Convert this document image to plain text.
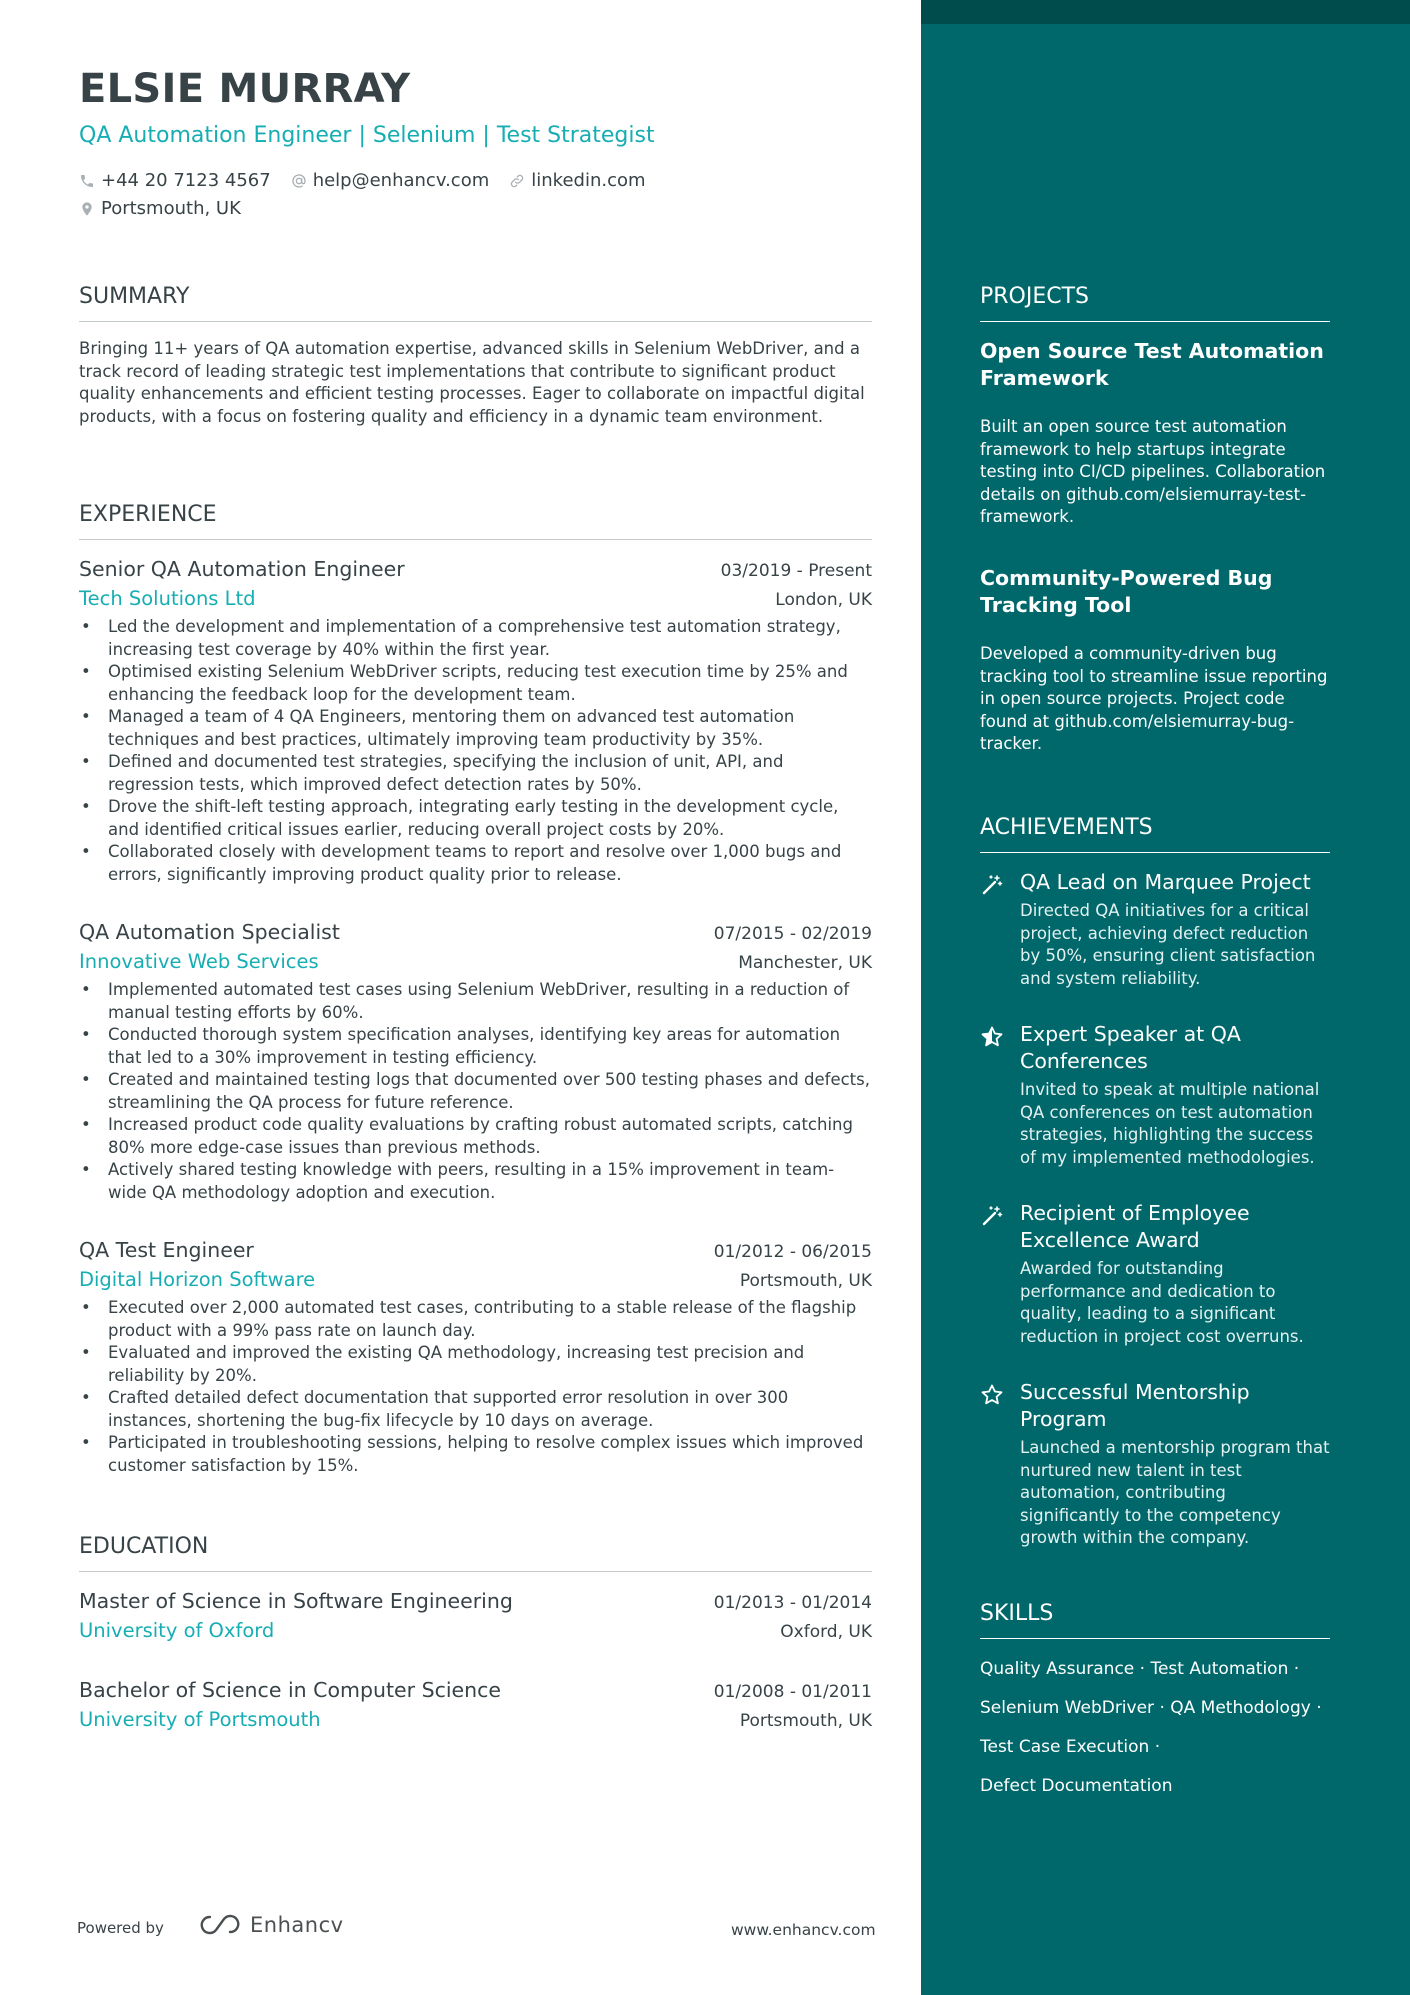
ELSIE MURRAY
QA Automation Engineer | Selenium | Test Strategist
+44 20 7123 4567 help@enhancv.com linkedin.com
Portsmouth, UK
SUMMARY
Bringing 11+ years of QA automation expertise, advanced skills in Selenium WebDriver, and a track record of leading strategic test implementations that contribute to significant product quality enhancements and efficient testing processes. Eager to collaborate on impactful digital products, with a focus on fostering quality and efficiency in a dynamic team environment.
EXPERIENCE
Senior QA Automation Engineer	03/2019 - Present
Tech Solutions Ltd	London, UK
• Led the development and implementation of a comprehensive test automation strategy, increasing test coverage by 40% within the first year.
• Optimised existing Selenium WebDriver scripts, reducing test execution time by 25% and enhancing the feedback loop for the development team.
• Managed a team of 4 QA Engineers, mentoring them on advanced test automation techniques and best practices, ultimately improving team productivity by 35%.
• Defined and documented test strategies, specifying the inclusion of unit, API, and regression tests, which improved defect detection rates by 50%.
• Drove the shift-left testing approach, integrating early testing in the development cycle, and identified critical issues earlier, reducing overall project costs by 20%.
• Collaborated closely with development teams to report and resolve over 1,000 bugs and errors, significantly improving product quality prior to release.
QA Automation Specialist	07/2015 - 02/2019
Innovative Web Services	Manchester, UK
• Implemented automated test cases using Selenium WebDriver, resulting in a reduction of manual testing efforts by 60%.
• Conducted thorough system specification analyses, identifying key areas for automation that led to a 30% improvement in testing efficiency.
• Created and maintained testing logs that documented over 500 testing phases and defects, streamlining the QA process for future reference.
• Increased product code quality evaluations by crafting robust automated scripts, catching 80% more edge-case issues than previous methods.
• Actively shared testing knowledge with peers, resulting in a 15% improvement in team-wide QA methodology adoption and execution.
QA Test Engineer	01/2012 - 06/2015
Digital Horizon Software	Portsmouth, UK
• Executed over 2,000 automated test cases, contributing to a stable release of the flagship product with a 99% pass rate on launch day.
• Evaluated and improved the existing QA methodology, increasing test precision and reliability by 20%.
• Crafted detailed defect documentation that supported error resolution in over 300 instances, shortening the bug-fix lifecycle by 10 days on average.
• Participated in troubleshooting sessions, helping to resolve complex issues which improved customer satisfaction by 15%.
EDUCATION
Master of Science in Software Engineering	01/2013 - 01/2014
University of Oxford	Oxford, UK
Bachelor of Science in Computer Science	01/2008 - 01/2011
University of Portsmouth	Portsmouth, UK
Powered by	Enhancv	www.enhancv.com
PROJECTS
Open Source Test Automation Framework
Built an open source test automation framework to help startups integrate testing into CI/CD pipelines. Collaboration details on github.com/elsiemurray-test-framework.
Community-Powered Bug Tracking Tool
Developed a community-driven bug tracking tool to streamline issue reporting in open source projects. Project code found at github.com/elsiemurray-bug-tracker.
ACHIEVEMENTS
QA Lead on Marquee Project
Directed QA initiatives for a critical project, achieving defect reduction by 50%, ensuring client satisfaction and system reliability.
Expert Speaker at QA Conferences
Invited to speak at multiple national QA conferences on test automation strategies, highlighting the success of my implemented methodologies.
Recipient of Employee Excellence Award
Awarded for outstanding performance and dedication to quality, leading to a significant reduction in project cost overruns.
Successful Mentorship Program
Launched a mentorship program that nurtured new talent in test automation, contributing significantly to the competency growth within the company.
SKILLS
Quality Assurance · Test Automation ·
Selenium WebDriver · QA Methodology ·
Test Case Execution ·
Defect Documentation
